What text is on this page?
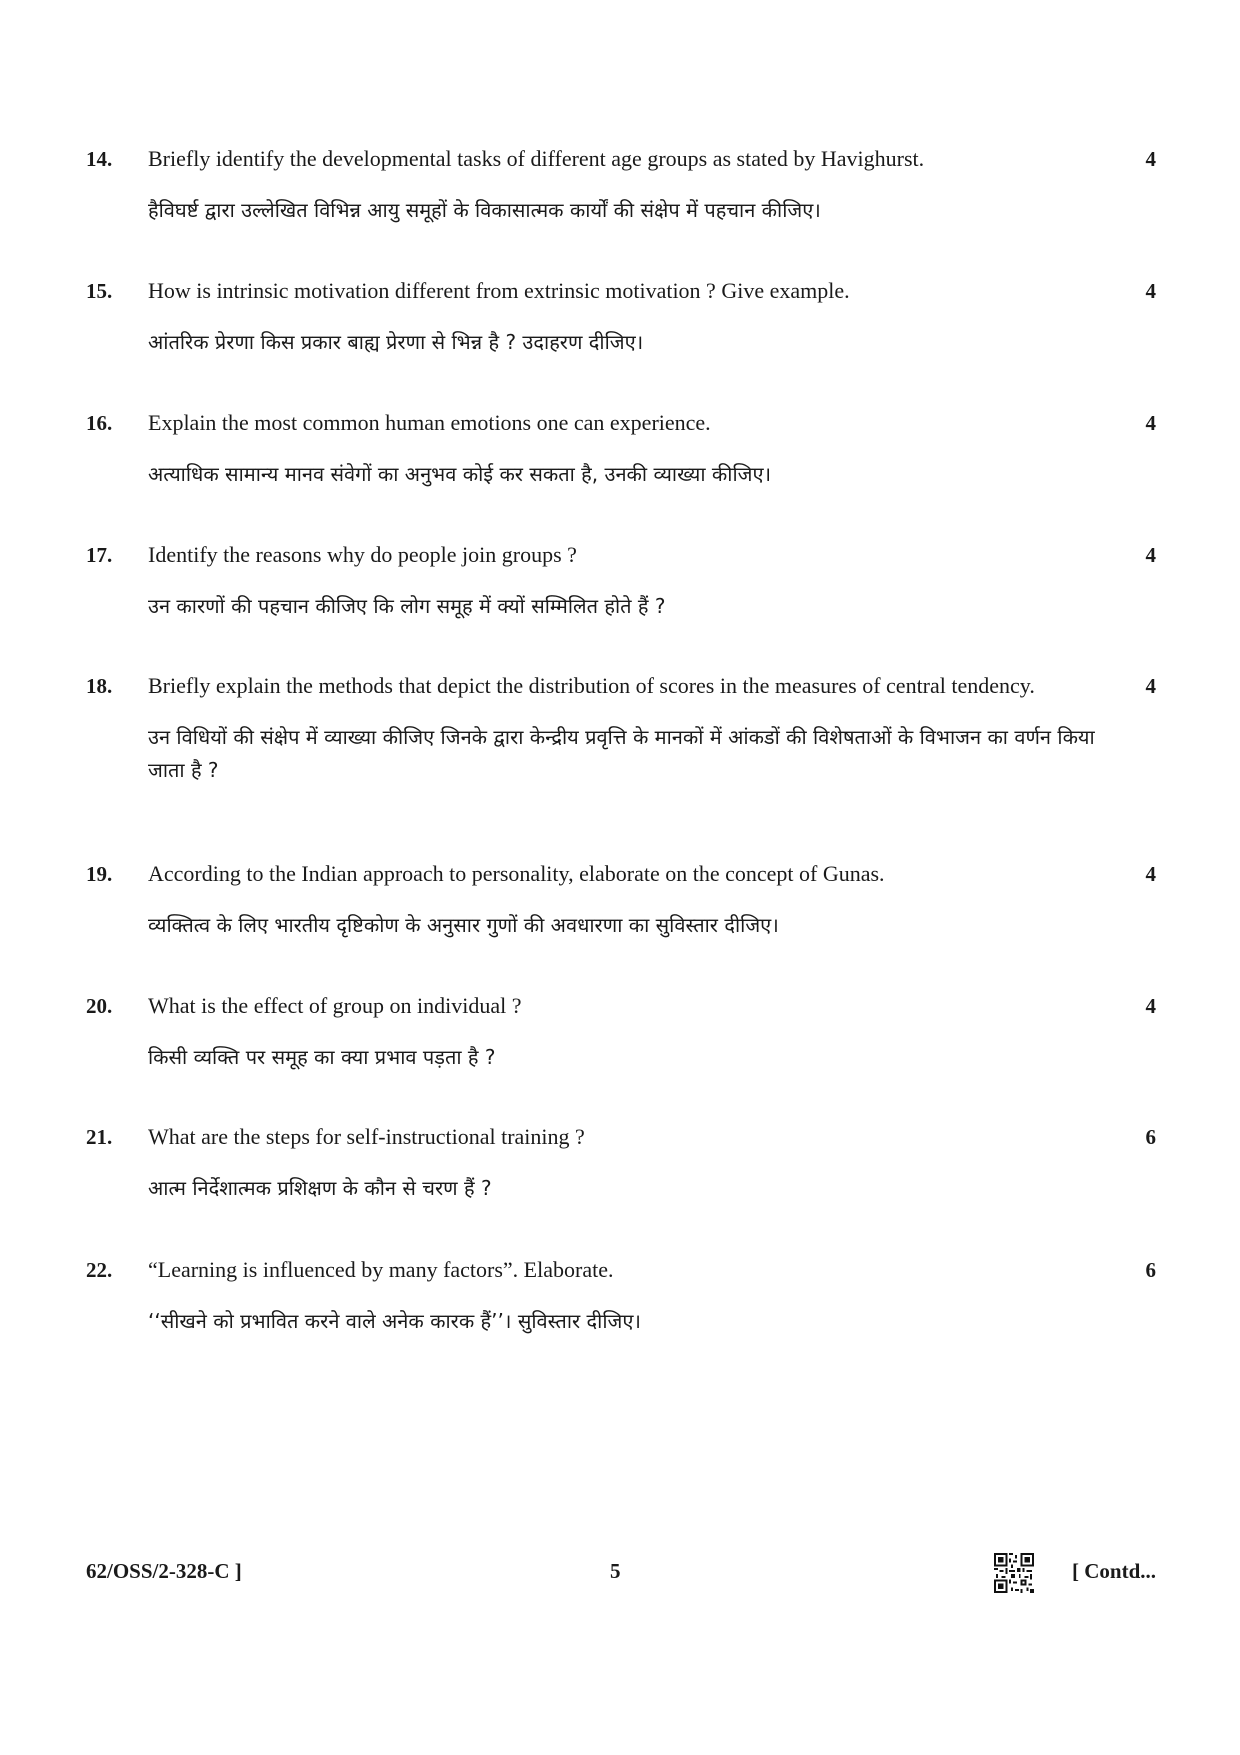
14.	Briefly identify the developmental tasks of different age groups as stated by Havighurst.	4
हैविघर्ष्ट द्वारा उल्लेखित विभिन्न आयु समूहों के विकासात्मक कार्यों की संक्षेप में पहचान कीजिए।
15.	How is intrinsic motivation different from extrinsic motivation ? Give example.	4
आंतरिक प्रेरणा किस प्रकार बाह्य प्रेरणा से भिन्न है ? उदाहरण दीजिए।
16.	Explain the most common human emotions one can experience.	4
अत्याधिक सामान्य मानव संवेगों का अनुभव कोई कर सकता है, उनकी व्याख्या कीजिए।
17.	Identify the reasons why do people join groups ?	4
उन कारणों की पहचान कीजिए कि लोग समूह में क्यों सम्मिलित होते हैं ?
18.	Briefly explain the methods that depict the distribution of scores in the measures of central tendency.	4
उन विधियों की संक्षेप में व्याख्या कीजिए जिनके द्वारा केन्द्रीय प्रवृत्ति के मानकों में आंकडों की विशेषताओं के विभाजन का वर्णन किया जाता है ?
19.	According to the Indian approach to personality, elaborate on the concept of Gunas.	4
व्यक्तित्व के लिए भारतीय दृष्टिकोण के अनुसार गुणों की अवधारणा का सुविस्तार दीजिए।
20.	What is the effect of group on individual ?	4
किसी व्यक्ति पर समूह का क्या प्रभाव पड़ता है ?
21.	What are the steps for self-instructional training ?	6
आत्म निर्देशात्मक प्रशिक्षण के कौन से चरण हैं ?
22.	“Learning is influenced by many factors”. Elaborate.	6
‘‘सीखने को प्रभावित करने वाले अनेक कारक हैं’’। सुविस्तार दीजिए।
62/OSS/2-328-C ]	5	[ Contd...
